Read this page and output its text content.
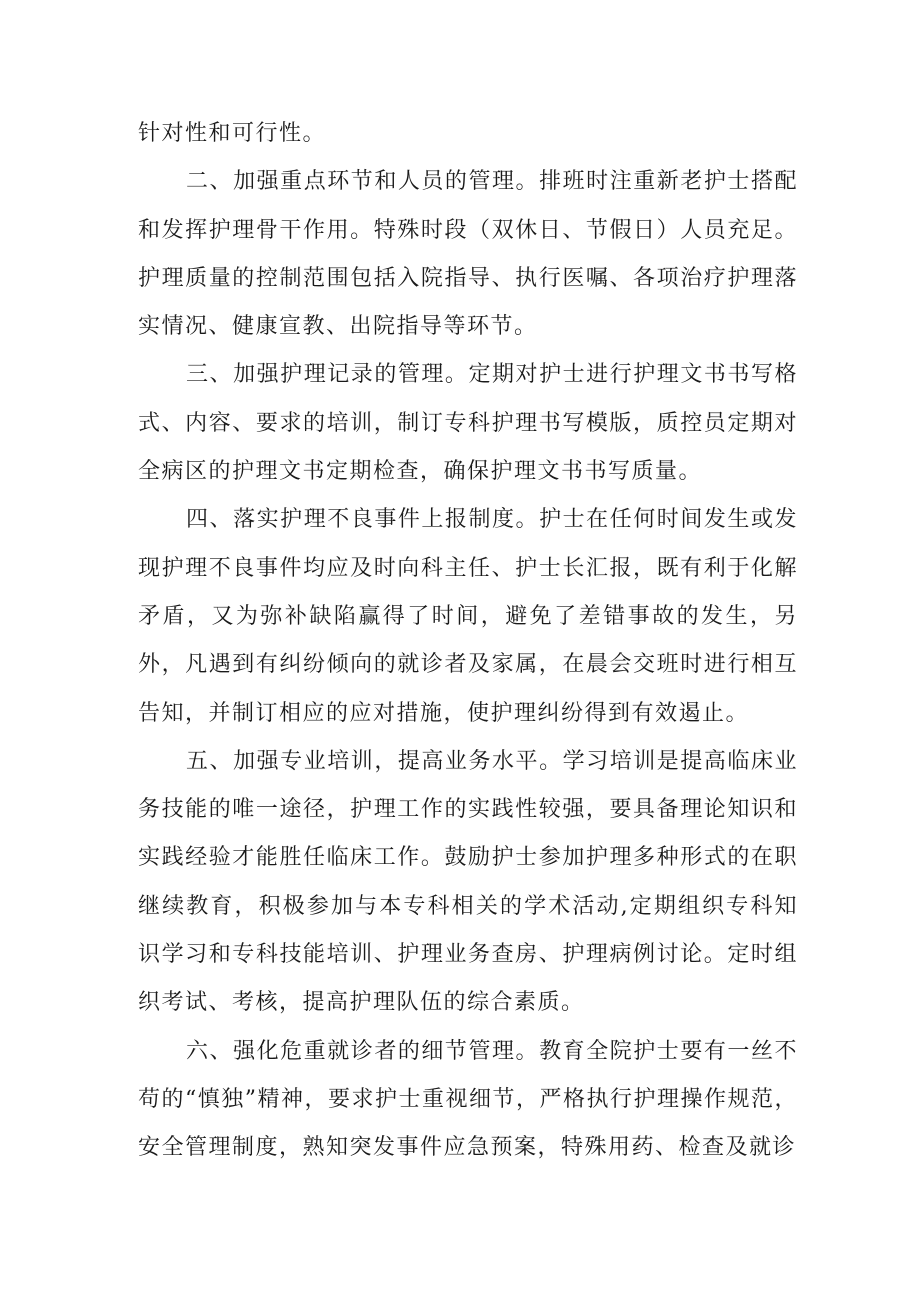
针对性和可行性。

二、加强重点环节和人员的管理。排班时注重新老护士搭配和发挥护理骨干作用。特殊时段（双休日、节假日）人员充足。护理质量的控制范围包括入院指导、执行医嘱、各项治疗护理落实情况、健康宣教、出院指导等环节。

三、加强护理记录的管理。定期对护士进行护理文书书写格式、内容、要求的培训，制订专科护理书写模版，质控员定期对全病区的护理文书定期检查，确保护理文书书写质量。

四、落实护理不良事件上报制度。护士在任何时间发生或发现护理不良事件均应及时向科主任、护士长汇报，既有利于化解矛盾，又为弥补缺陷赢得了时间，避免了差错事故的发生，另外，凡遇到有纠纷倾向的就诊者及家属，在晨会交班时进行相互告知，并制订相应的应对措施，使护理纠纷得到有效遏止。

五、加强专业培训，提高业务水平。学习培训是提高临床业务技能的唯一途径，护理工作的实践性较强，要具备理论知识和实践经验才能胜任临床工作。鼓励护士参加护理多种形式的在职继续教育，积极参加与本专科相关的学术活动,定期组织专科知识学习和专科技能培训、护理业务查房、护理病例讨论。定时组织考试、考核，提高护理队伍的综合素质。

六、强化危重就诊者的细节管理。教育全院护士要有一丝不苟的“慎独”精神，要求护士重视细节，严格执行护理操作规范，安全管理制度，熟知突发事件应急预案，特殊用药、检查及就诊
